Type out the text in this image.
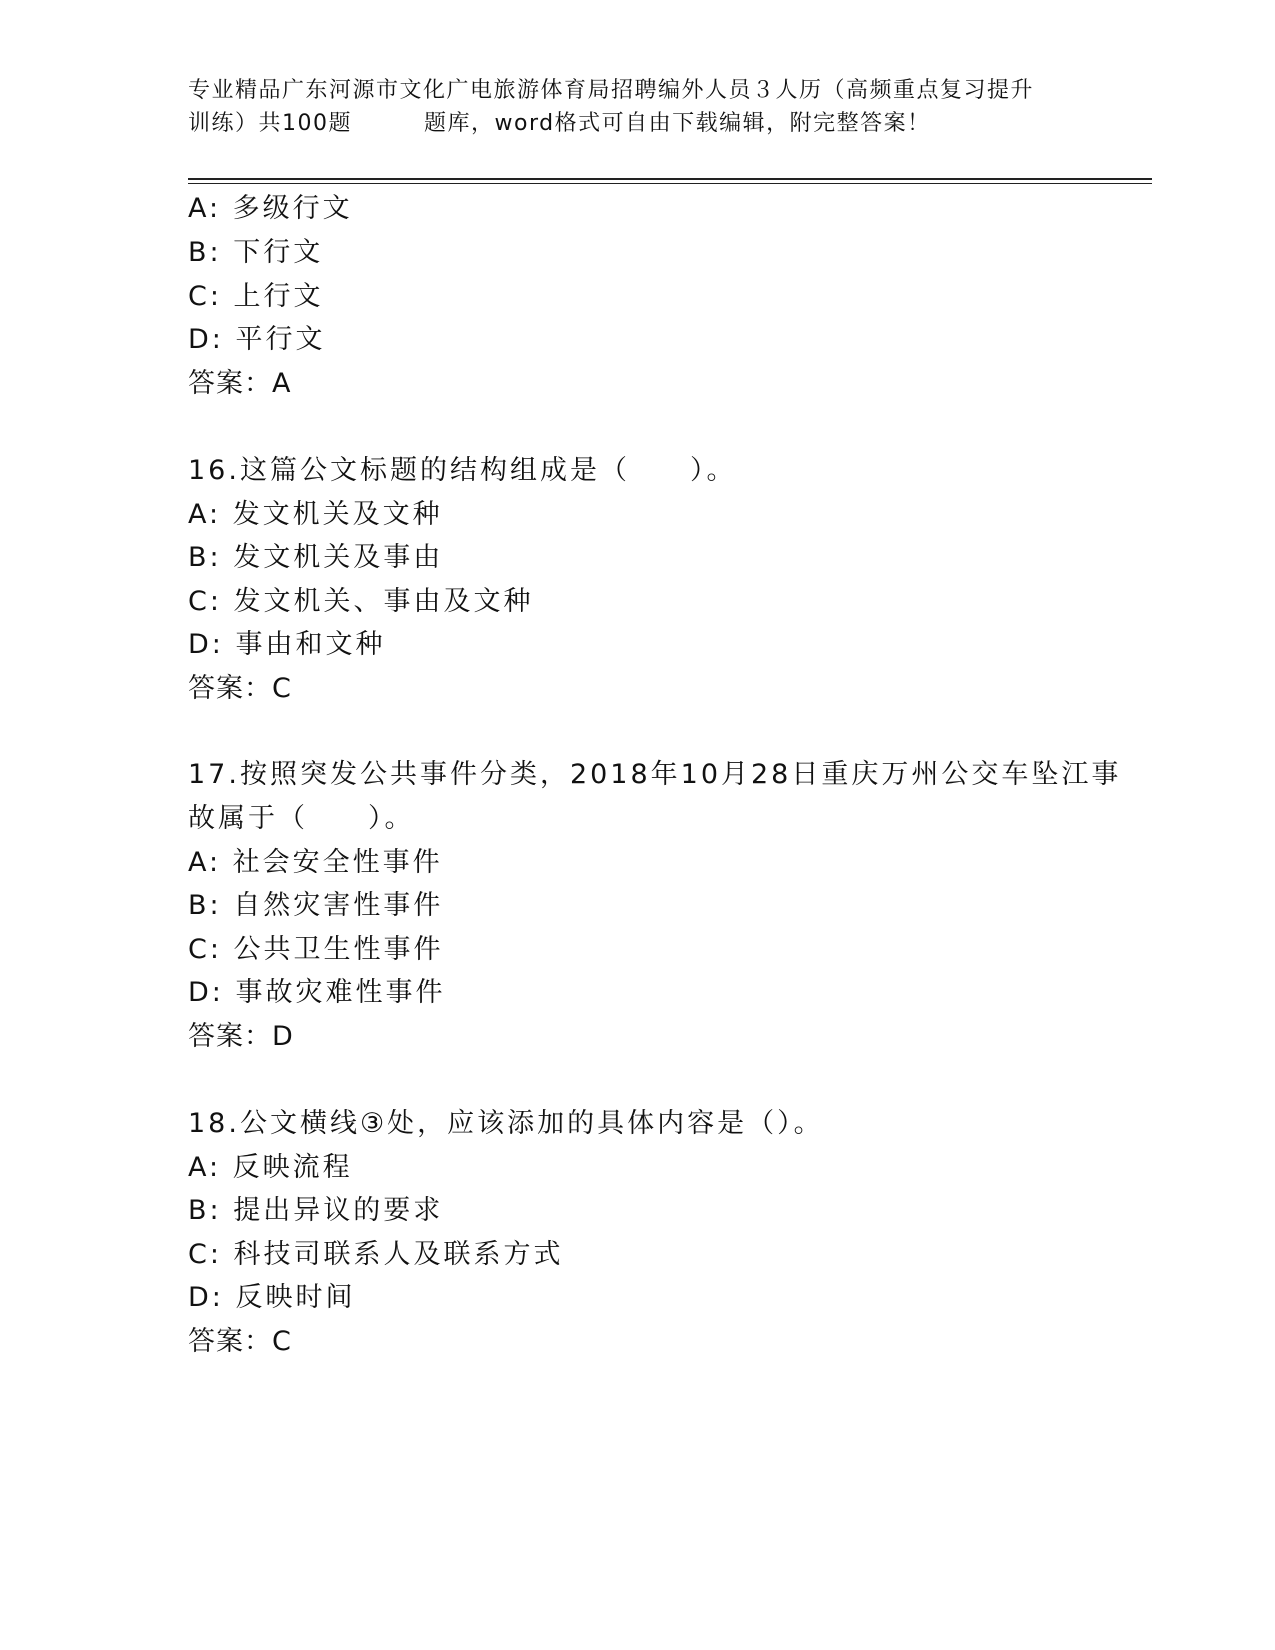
专业精品广东河源市文化广电旅游体育局招聘编外人员３人历（高频重点复习提升
训练）共100题	题库，word格式可自由下载编辑，附完整答案！
A: 多级行文
B: 下行文
C: 上行文
D: 平行文
答案：A
16.这篇公文标题的结构组成是（　　）。
A: 发文机关及文种
B: 发文机关及事由
C: 发文机关、事由及文种
D: 事由和文种
答案：C
17.按照突发公共事件分类，2018年10月28日重庆万州公交车坠江事
故属于（　　）。
A: 社会安全性事件
B: 自然灾害性事件
C: 公共卫生性事件
D: 事故灾难性事件
答案：D
18.公文横线③处，应该添加的具体内容是（）。
A: 反映流程
B: 提出异议的要求
C: 科技司联系人及联系方式
D: 反映时间
答案：C
